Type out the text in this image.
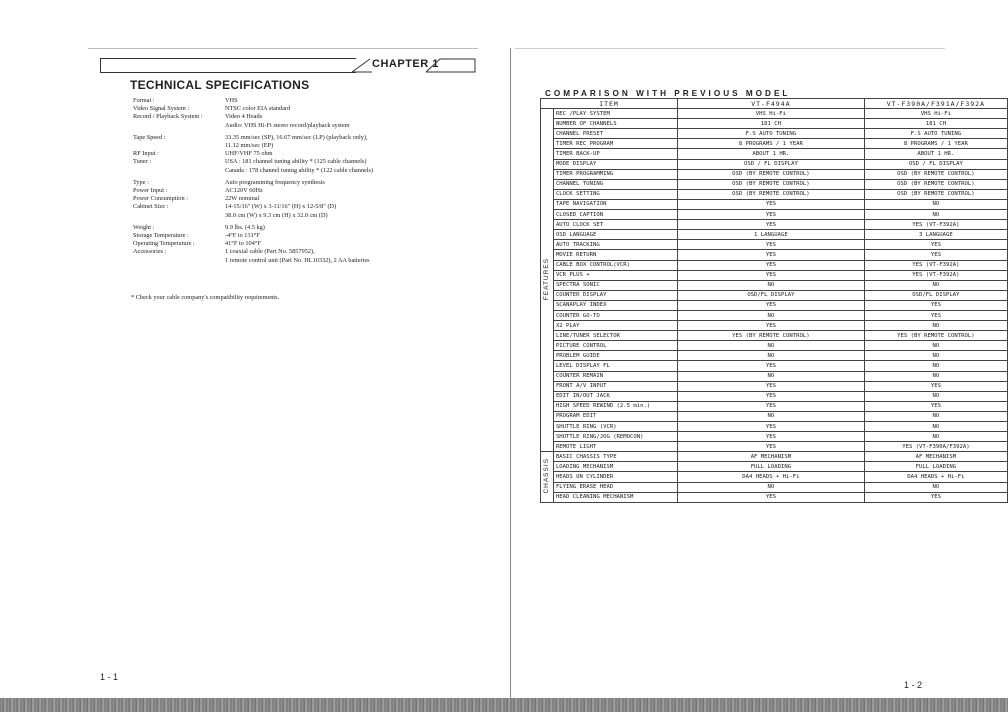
CHAPTER 1
TECHNICAL SPECIFICATIONS
Format :	VHS
Video Signal System :	NTSC color EIA standard
Record / Playback System :	Video 4 Heads
Audio: VHS Hi-Fi stereo record/playback system
Tape Speed :	33.35 mm/sec (SP), 16.67 mm/sec (LP) (playback only),
11.12 mm/sec (EP)
RF Input :	UHF/VHF 75 ohm
Tuner :	USA : 181 channel tuning ability * (125 cable channels)
Canada : 178 channel tuning ability * (122 cable channels)
Type :	Auto programming frequency synthesis
Power Input :	AC120V 60Hz
Power Consumption :	22W nominal
Cabinet Size :	14-15/16" (W) x 3-11/16" (H) x 12-5/8" (D)
38.0 cm (W) x 9.3 cm (H) x 32.0 cm (D)
Weight :	9.9 lbs. (4.5 kg)
Storage Temperature :	-4°F to 131°F
Operating Temperature :	41°F to 104°F
Accessories :	1 coaxial cable (Part No. 5857952),
1 remote control unit (Part No. HL10332), 2 AA batteries
* Check your cable company's compatibility requirements.
1 - 1
COMPARISON WITH PREVIOUS MODEL
ITEM		VT-F494A	VT-F390A/F391A/F392A
FEATURES	REC /PLAY SYSTEM	VHS Hi-Fi	VHS Hi-Fi
	NUMBER OF CHANNELS	181 CH	181 CH
	CHANNEL PRESET	F.S AUTO TUNING	F.S AUTO TUNING
	TIMER REC PROGRAM	8 PROGRAMS / 1 YEAR	8 PROGRAMS / 1 YEAR
	TIMER BACK-UP	ABOUT 1 HR.	ABOUT 1 HR.
	MODE DISPLAY	OSD / FL DISPLAY	OSD / FL DISPLAY
	TIMER PROGRAMMING	OSD (BY REMOTE CONTROL)	OSD (BY REMOTE CONTROL)
	CHANNEL TUNING	OSD (BY REMOTE CONTROL)	OSD (BY REMOTE CONTROL)
	CLOCK SETTING	OSD (BY REMOTE CONTROL)	OSD (BY REMOTE CONTROL)
	TAPE NAVIGATION	YES	NO
	CLOSED CAPTION	YES	NO
	AUTO CLOCK SET	YES	YES (VT-F392A)
	OSD LANGUAGE	1 LANGUAGE	3 LANGUAGE
	AUTO TRACKING	YES	YES
	MOVIE RETURN	YES	YES
	CABLE BOX CONTROL(VCR)	YES	YES (VT-F392A)
	VCR PLUS +	YES	YES (VT-F392A)
	SPECTRA SONIC	NO	NO
	COUNTER DISPLAY	OSD/FL DISPLAY	OSD/FL DISPLAY
	SCANAPLAY INDEX	YES	YES
	COUNTER GO-TO	NO	YES
	X2 PLAY	YES	NO
	LINE/TUNER SELECTOR	YES (BY REMOTE CONTROL)	YES (BY REMOTE CONTROL)
	PICTURE CONTROL	NO	NO
	PROBLEM GUIDE	NO	NO
	LEVEL DISPLAY FL	YES	NO
	COUNTER REMAIN	NO	NO
	FRONT A/V INPUT	YES	YES
	EDIT IN/OUT JACK	YES	NO
	HIGH SPEED REWIND (2.5 min.)	YES	YES
	PROGRAM EDIT	NO	NO
	SHUTTLE RING (VCR)	YES	NO
	SHUTTLE RING/JOG (REMOCON)	YES	NO
	REMOTE LIGHT	YES	YES (VT-F390A/F392A)
CHASSIS	BASIC CHASSIS TYPE	AF MECHANISM	AF MECHANISM
	LOADING MECHANISM	FULL LOADING	FULL LOADING
	HEADS ON CYLINDER	DA4 HEADS + Hi-Fi	DA4 HEADS + Hi-Fi
	FLYING ERASE HEAD	NO	NO
	HEAD CLEANING MECHANISM	YES	YES
1 - 2
